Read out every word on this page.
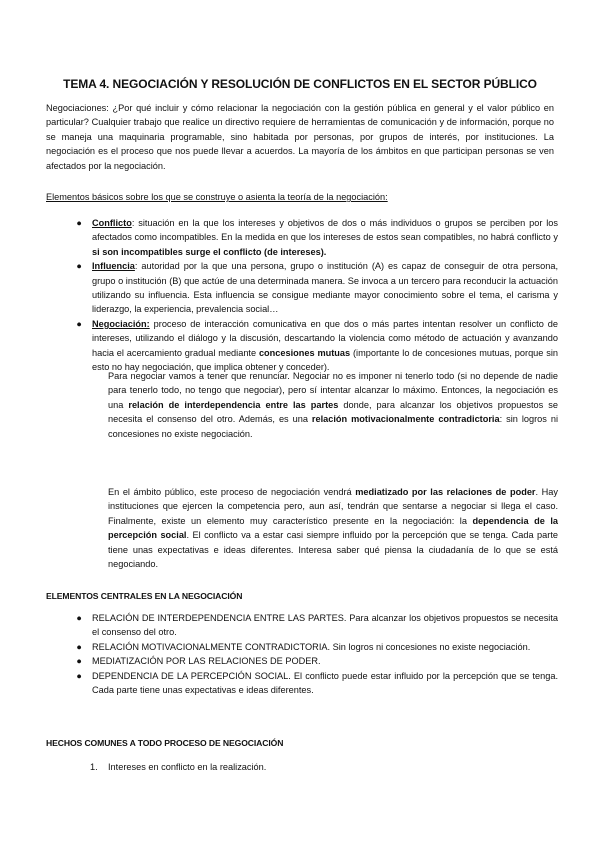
TEMA 4. NEGOCIACIÓN Y RESOLUCIÓN DE CONFLICTOS EN EL SECTOR PÚBLICO
Negociaciones: ¿Por qué incluir y cómo relacionar la negociación con la gestión pública en general y el valor público en particular? Cualquier trabajo que realice un directivo requiere de herramientas de comunicación y de información, porque no se maneja una maquinaria programable, sino habitada por personas, por grupos de interés, por instituciones. La negociación es el proceso que nos puede llevar a acuerdos. La mayoría de los ámbitos en que participan personas se ven afectados por la negociación.
Elementos básicos sobre los que se construye o asienta la teoría de la negociación:
● Conflicto: situación en la que los intereses y objetivos de dos o más individuos o grupos se perciben por los afectados como incompatibles. En la medida en que los intereses de estos sean compatibles, no habrá conflicto y si son incompatibles surge el conflicto (de intereses).
● Influencia: autoridad por la que una persona, grupo o institución (A) es capaz de conseguir de otra persona, grupo o institución (B) que actúe de una determinada manera. Se invoca a un tercero para reconducir la actuación utilizando su influencia. Esta influencia se consigue mediante mayor conocimiento sobre el tema, el carisma y liderazgo, la experiencia, prevalencia social…
● Negociación: proceso de interacción comunicativa en que dos o más partes intentan resolver un conflicto de intereses, utilizando el diálogo y la discusión, descartando la violencia como método de actuación y avanzando hacia el acercamiento gradual mediante concesiones mutuas (importante lo de concesiones mutuas, porque sin esto no hay negociación, que implica obtener y conceder).
Para negociar vamos a tener que renunciar. Negociar no es imponer ni tenerlo todo (si no depende de nadie para tenerlo todo, no tengo que negociar), pero sí intentar alcanzar lo máximo. Entonces, la negociación es una relación de interdependencia entre las partes donde, para alcanzar los objetivos propuestos se necesita el consenso del otro. Además, es una relación motivacionalmente contradictoria: sin logros ni concesiones no existe negociación.
En el ámbito público, este proceso de negociación vendrá mediatizado por las relaciones de poder. Hay instituciones que ejercen la competencia pero, aun así, tendrán que sentarse a negociar si llega el caso. Finalmente, existe un elemento muy característico presente en la negociación: la dependencia de la percepción social. El conflicto va a estar casi siempre influido por la percepción que se tenga. Cada parte tiene unas expectativas e ideas diferentes. Interesa saber qué piensa la ciudadanía de lo que se está negociando.
ELEMENTOS CENTRALES EN LA NEGOCIACIÓN
● RELACIÓN DE INTERDEPENDENCIA ENTRE LAS PARTES. Para alcanzar los objetivos propuestos se necesita el consenso del otro.
● RELACIÓN MOTIVACIONALMENTE CONTRADICTORIA. Sin logros ni concesiones no existe negociación.
● MEDIATIZACIÓN POR LAS RELACIONES DE PODER.
● DEPENDENCIA DE LA PERCEPCIÓN SOCIAL. El conflicto puede estar influido por la percepción que se tenga. Cada parte tiene unas expectativas e ideas diferentes.
HECHOS COMUNES A TODO PROCESO DE NEGOCIACIÓN
1. Intereses en conflicto en la realización.
